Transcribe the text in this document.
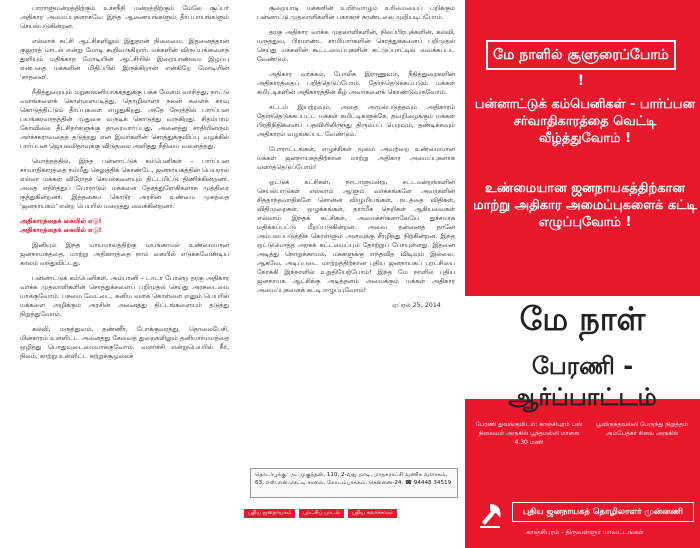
பாராளுமன்றத்திற்கும் உச்சநீதி மன்றத்திற்கும் மேலே சூப்பர் அதிகார அமைப்புகளாகவே இந்த ஆணையங்களும் தீர்ப்பாயங்களும் செயல்படுகின்றன.

எல்லாக் கட்சி ஆட்சிகளிலும் இதுதான் நிலைமை. இதனைத்தான் குஜராத் மாடல் என்று மோடி கூறிவருகிறார். மக்களின் விருப்பங்களைத் துளியும் மதிக்காத மோடியின் ஆட்சியில் இறையாண்மை இழப்பு என்பதை மக்களின் மிதிப்பில் இருக்கிறான் என்கிறே மோடியின் 'சாதனை'.

நீதித்துறையும் மறுகாலனியாக்கத்துக்கு பக்க மேளம் வாசித்து, நாட்டு வளங்களைக் கொள்ளையடித்து, தொழிலாளர் நலன் களைக் காவு கொடுத்திட்டும் தீர்ப்புகளை எழுதுகிறது. அதே நேரத்தில் பார்ப்பன பயங்கரவாதத்தின் முதுகை வருடிக் கொடுத்து வருகிறது. சிதம்பரம் கோவிலை தீட்சிதர்களுக்கு தாரைவார்ப்பது, அனைத்து சாதியினரும் அர்ச்சகராவதைத் தடுத்தது என இவர்களின் சொத்துக்குவிப்பு வழக்கில் பார்ப்பன ஜெயலலிதாவுக்கு விடுதலை அளித்து நீதியை வளைத்தது.

மொத்தத்தில், இந்த பன்னாட்டுக் கம்பெனிகள் – பார்ப்பன சர்வாதிகாரத்தை நம்மீது செலுத்திக் கொண்டே, ஜனநாயகத்தின் பெயரால் எல்லா மக்கள் விரோதச் செயல்களையும் திட்டமிட்டு திணிக்கின்றனர். அதை எதிர்த்துப் போராடும் மக்களை தேசத்துரோகிகளாக முத்திரை குத்துகின்றனர். இத்தகைய கொடூர அரசின் உண்மை முகத்தை 'ஜனநாயகம்' என்ற பெயரில் மறைத்து வைக்கின்றனர்.

அதிகாரத்தைக் கையில் எடு!

அதிகாரத்தைக் கையில் எடு!

இனியும் இந்த மாயமாலத்திற்கு மயங்காமல் உண்மையான ஜனநாயகத்தை, மாற்று அதிகாரத்தை நாம் கையில் எடுக்கவேண்டிய காலம் வந்துவிட்டது.

பன்னாட்டுக் கம்பெனிகள், அம்பானி – டாடா போன்ற தரகு அதிகார வர்க்க முதலாளிகளின் சொத்துக்களைப் பறிமுதல் செய்து அரசுடைமை யாக்குவோம். பசுமை வேட்டை, கனிம வளக் கொள்ளை எனும் பெயரில் மக்களை அழிக்கும் அரசின் அனைத்து திட்டங்களையும் தடுத்து நிறுத்துவோம்.

கல்வி, மருத்துவம், தண்ணீர், போக்குவரத்து, தொலைபேசி, மின்சாரம் உள்ளிட்ட அனைத்து சேவைத் துறைகளிலும் தனியார்மயத்தை ஒழித்து பொதுவுடைமையாக்குவோம். வளர்ச்சி என்றுபெயரில் நீர், நிலம், காற்று உள்ளிட்ட சுற்றுச்சூழலைச்

சூறையாடி மக்களின் உயிர்வாழும் உரிமையைப் பறிக்கும் பன்னாட்டு முதலாளிகளின் பகாசுரச் சுரண்டலை முறியடிப்போம்.

தரகு அதிகார வர்க்க முதலாளிகளின், நிலப்பிரபுக்களின், கல்வி, மருத்துவ, பிரமாண்ட சாமியார்களின் சொத்துக்களைப் பறிமுதல் செய்து மக்களின் கூட்டமைப்புகளின் கட்டுப்பாட்டில் வைக்கப்பட வேண்டும்.

அதிகார வர்க்கம், போலீசு இராணுவம், நீதித்துறைகளின் அதிகாரத்தைப் பறித்தெடுப்போம். தேர்ந்தெடுக்கப்படும் மக்கள் கமிட்டிகளின் அதிகாரத்தின் கீழ் அவர்களைக் கொண்டுவருவோம்.

சட்டம் இயற்றவும், அதை அமுல்படுத்தவும் அதிகாரம் தேர்ந்தெடுக்கப்பட்ட மக்கள் கமிட்டிகளுக்கே. தவறிழைக்கும் மக்கள் பிரதிநிதிகளைப் பதவியிலிருந்து திரும்பப் பெறவும், தண்டிக்கவும் அதிகாரம் வழங்கப்பட வேண்டும்.

போராட்டங்கள், எழுச்சிகள் மூலம் அவற்றை உண்மையான மக்கள் ஜனநாயகத்திற்கான மாற்று அதிகார அமைப்புகளாக வளர்த்தெடுப்போம்!

ஓட்டுக் கட்சிகள், நாடாளுமன்ற, சட்டமன்றங்களின் செயல்பாடுகள் எல்லாம் ஆளும் வர்க்கங்களே அவர்களின் சித்தாந்தவாதிகளே சொன்ன விழுமியங்கள், நடத்தை விதிகள், விதிமுறைகள், ஒழுக்கங்கள், தார்மீக நெறிகள் ஆகியவைகள் எல்லாம் இந்தக் கட்சிகள், அமைச்சர்களாலேயே துச்சமாக மதிக்கப்பட்டு மீறப்படுகின்றன. அவை தன்னைத் தானே அம்பலப்படுத்திக் கொள்ளும் அளவுக்கு சீரழிந்து நிற்கின்றன. இந்த ஒட்டுமொத்த அரசுக் கட்டமைப்பும் தோற்றுப் போயுள்ளது. இதனை அடித்து நொறுக்காமல், மக்களுக்கு எந்தவித விடிவும் இல்லை. ஆகவே, அடிப்படை மாற்றத்திற்கான புதிய ஜனநாயகப் புரட்சியை நோக்கி இந்நாளில் உறுதியேற்போம்! இந்த மே நாளில் புதிய ஜனநாயக ஆட்சிக்கு அடித்தளம் அமைக்கும் மக்கள் அதிகார அமைப்புகளைக் கட்டி எழுப்புவோம்!

ஏப்ரல் 25, 2014
தொடர்புக்கு: அ. முகுந்தன், 110, 2-வது மாடி, மாநகராட்சி வணிக வளாகம், 63, எஸ்.என்.செட்டி சாலை, கோடம்பாக்கம், சென்னை-24. ☎ 94448 34519
புதிய ஜனநாயகம்	புரட்சிப் பாடல்	புதிய கலாச்சாரம்
மே நாளில் சூளுரைப்போம் !
பன்னாட்டுக் கம்பெனிகள் - பார்ப்பன சர்வாதிகாரத்தை வெட்டி வீழ்த்துவோம் !
உண்மையான ஜனநாயகத்திற்கான மாற்று அதிகார அமைப்புகளைக் கட்டி எழுப்புவோம் !
மே நாள்
பேரணி - ஆர்ப்பாட்டம்
பேரணி துவங்குமிடம்: காஞ்சிபுரம் பஸ் நிலையம் அருகில் பூந்தமல்லி மாலை 4.30 மணி
பூவிருந்தவல்லி பேருந்து நிறுத்தம் அம்பேத்கர் சிலை அருகில்
புதிய ஜனநாயகத் தொழிலாளர் முன்னணி
காஞ்சிபுரம் - திருவள்ளூர் மாவட்டங்கள்
